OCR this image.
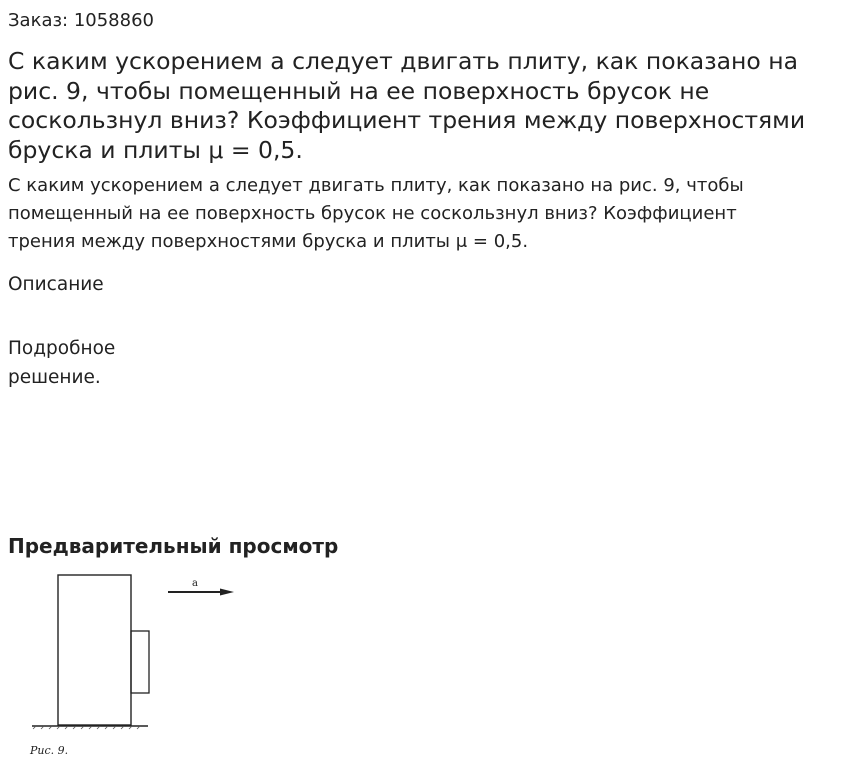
Заказ: 1058860
С каким ускорением а следует двигать плиту, как показано на рис. 9, чтобы помещенный на ее поверхность брусок не соскользнул вниз? Коэффициент трения между поверхностями бруска и плиты μ = 0,5.

С каким ускорением а следует двигать плиту, как показано на рис. 9, чтобы помещенный на ее поверхность брусок не соскользнул вниз? Коэффициент трения между поверхностями бруска и плиты μ = 0,5.

Описание
Подробное решение.
Предварительный просмотр
a
Рис. 9.
